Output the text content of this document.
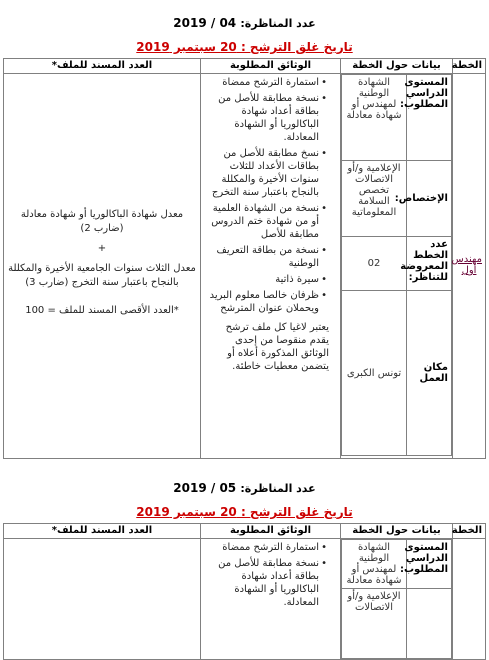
عدد المناظرة: 04 / 2019
تاريخ غلق الترشح : 20 سبتمبر 2019
الخطة	بيانات حول الخطة	الوثائق المطلوبة	العدد المسند للملف*
مهندس أول	
المستوى الدراسي المطلوب:	الشهادة الوطنية لمهندس أو شهادة معادلة
الإختصاص:	الإعلامية و/أو الاتصالات تخصص السلامة المعلوماتية
عدد الخطط المعروضة للتناظر:	02
مكان العمل	تونس الكبرى

• استمارة الترشح ممضاة
• نسخة مطابقة للأصل من بطاقة أعداد شهادة الباكالوريا أو الشهادة المعادلة.
• نسخ مطابقة للأصل من بطاقات الأعداد للثلاث سنوات الأخيرة والمكللة بالنجاح باعتبار سنة التخرج
• نسخة من الشهادة العلمية أو من شهادة ختم الدروس مطابقة للأصل
• نسخة من بطاقة التعريف الوطنية
• سيرة ذاتية
• ظرفان خالصا معلوم البريد ويحملان عنوان المترشح
يعتبر لاغيا كل ملف ترشح يقدم منقوصا من إحدى الوثائق المذكورة أعلاه أو يتضمن معطيات خاطئة.

معدل شهادة الباكالوريا أو شهادة معادلة (ضارب 2)

+

معدل الثلاث سنوات الجامعية الأخيرة والمكللة بالنجاح باعتبار سنة التخرج (ضارب 3)

*العدد الأقصى المسند للملف = 100

عدد المناظرة: 05 / 2019
تاريخ غلق الترشح : 20 سبتمبر 2019
الخطة	بيانات حول الخطة	الوثائق المطلوبة	العدد المسند للملف*

المستوى الدراسي المطلوب:	الشهادة الوطنية لمهندس أو شهادة معادلة
	الإعلامية و/أو الاتصالات

• استمارة الترشح ممضاة
• نسخة مطابقة للأصل من بطاقة أعداد شهادة الباكالوريا أو الشهادة المعادلة.
